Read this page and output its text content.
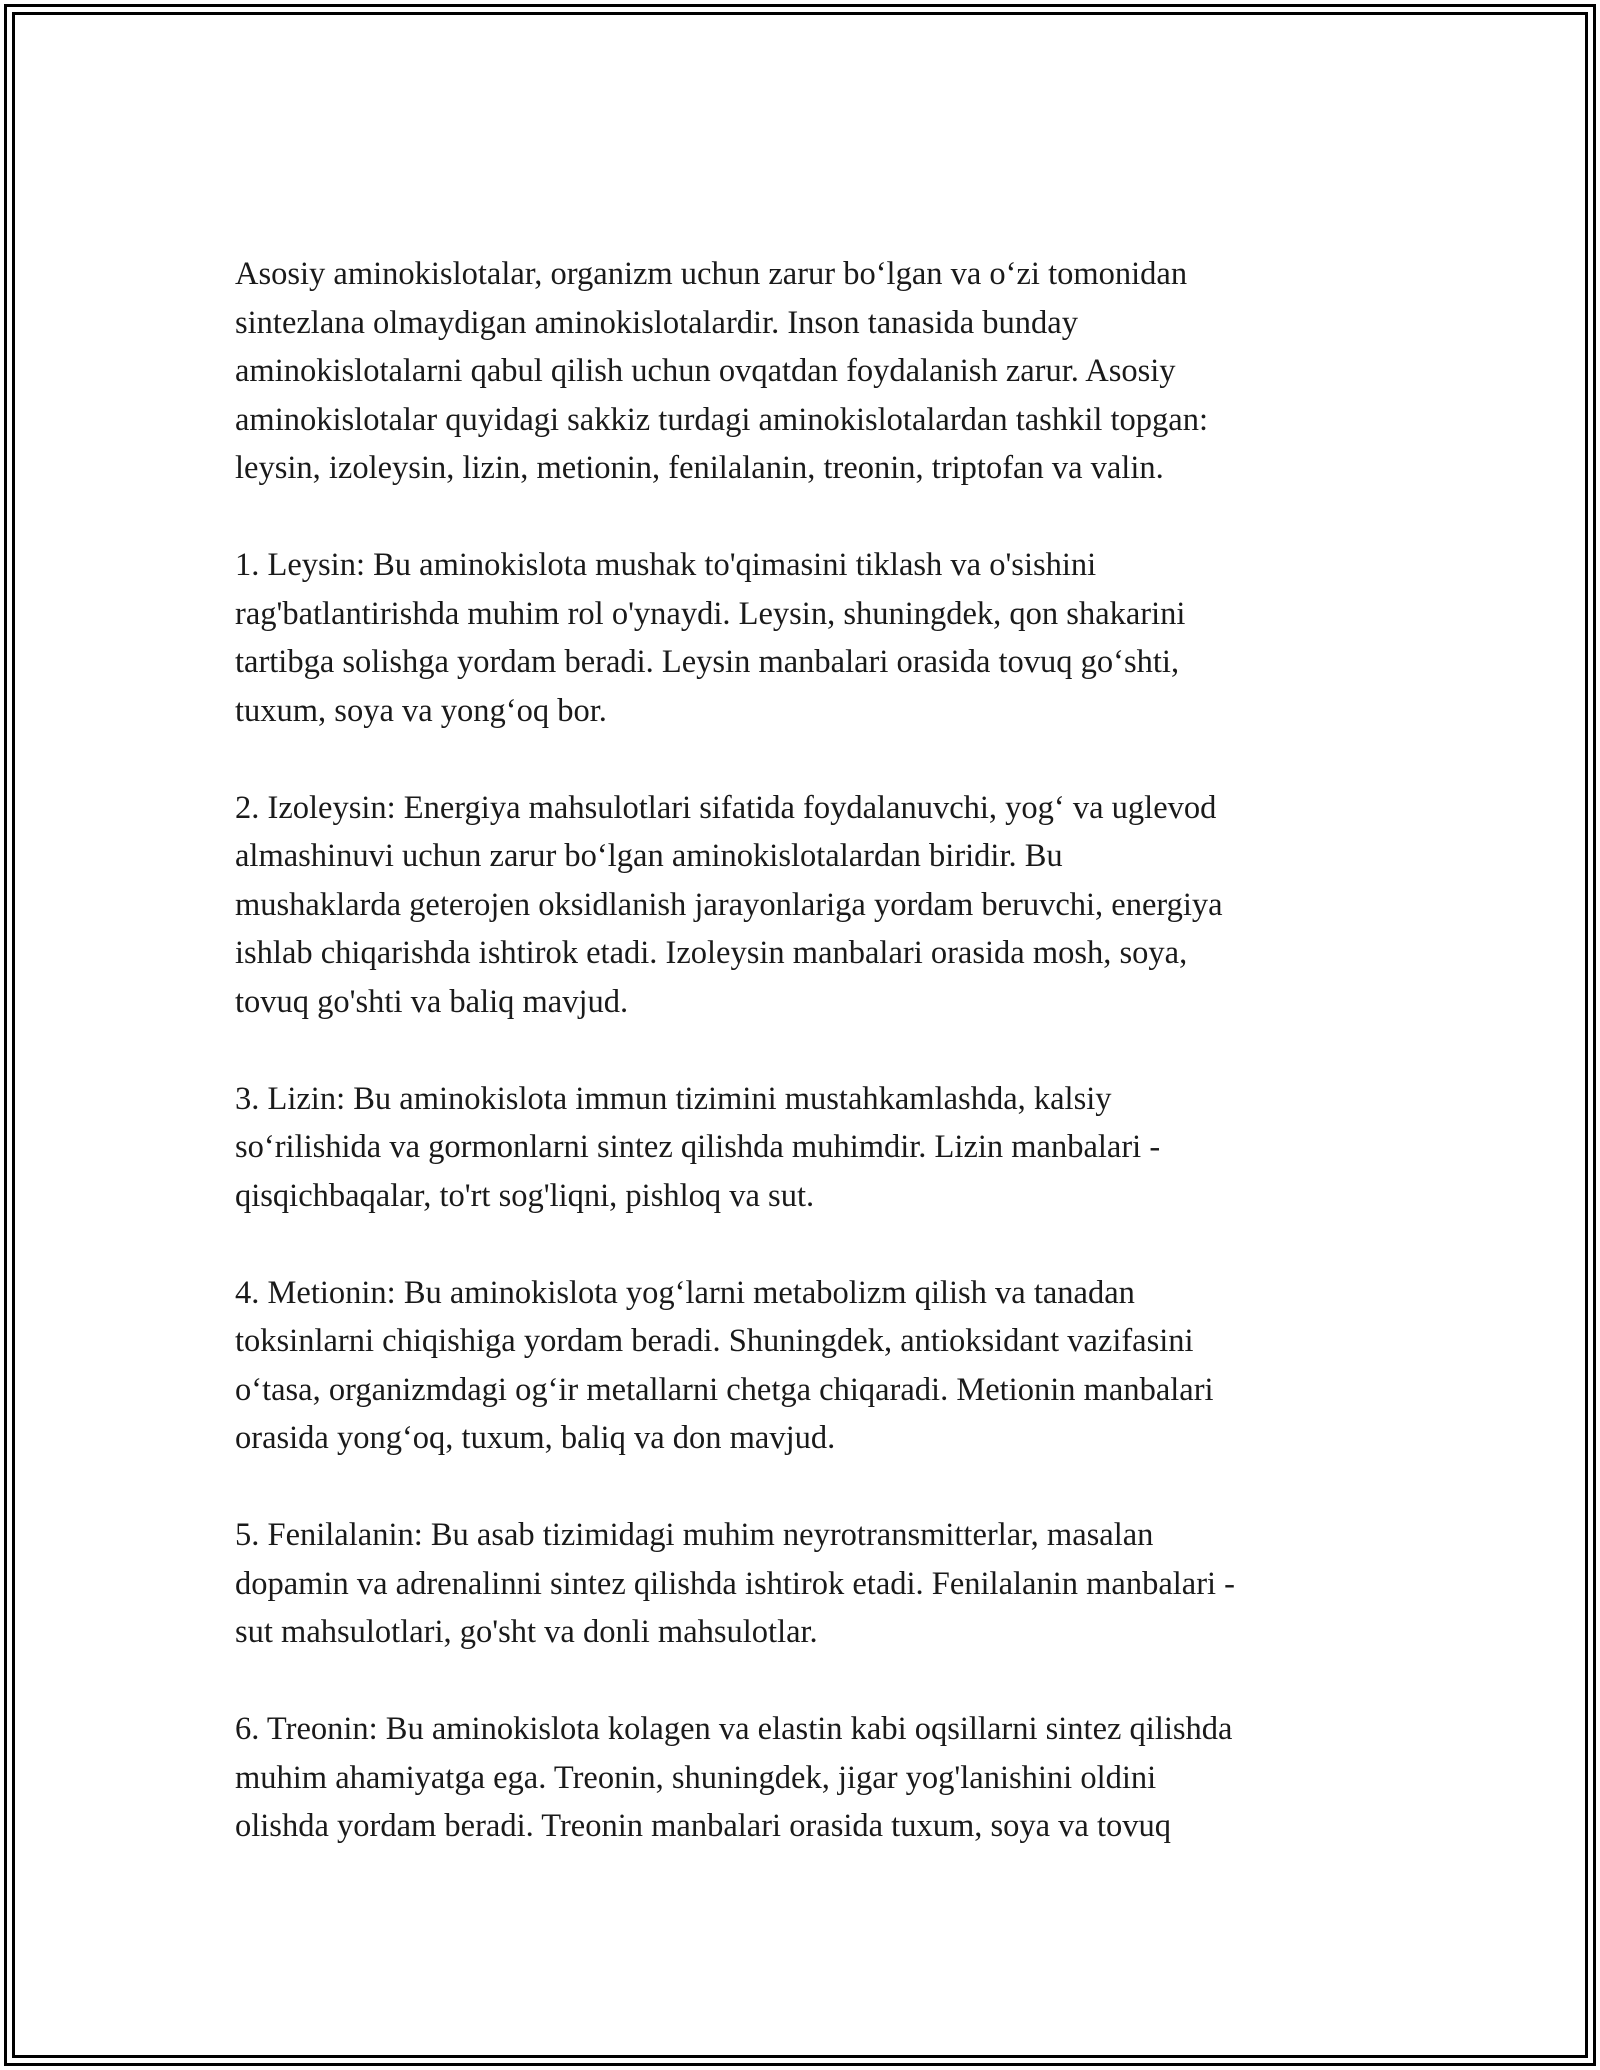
Asosiy aminokislotalar, organizm uchun zarur bo‘lgan va o‘zi tomonidan
sintezlana olmaydigan aminokislotalardir. Inson tanasida bunday
aminokislotalarni qabul qilish uchun ovqatdan foydalanish zarur. Asosiy
aminokislotalar quyidagi sakkiz turdagi aminokislotalardan tashkil topgan:
leysin, izoleysin, lizin, metionin, fenilalanin, treonin, triptofan va valin.

1. Leysin: Bu aminokislota mushak to'qimasini tiklash va o'sishini
rag'batlantirishda muhim rol o'ynaydi. Leysin, shuningdek, qon shakarini
tartibga solishga yordam beradi. Leysin manbalari orasida tovuq go‘shti,
tuxum, soya va yong‘oq bor.

2. Izoleysin: Energiya mahsulotlari sifatida foydalanuvchi, yog‘ va uglevod
almashinuvi uchun zarur bo‘lgan aminokislotalardan biridir. Bu
mushaklarda geterojen oksidlanish jarayonlariga yordam beruvchi, energiya
ishlab chiqarishda ishtirok etadi. Izoleysin manbalari orasida mosh, soya,
tovuq go'shti va baliq mavjud.

3. Lizin: Bu aminokislota immun tizimini mustahkamlashda, kalsiy
so‘rilishida va gormonlarni sintez qilishda muhimdir. Lizin manbalari -
qisqichbaqalar, to'rt sog'liqni, pishloq va sut.

4. Metionin: Bu aminokislota yog‘larni metabolizm qilish va tanadan
toksinlarni chiqishiga yordam beradi. Shuningdek, antioksidant vazifasini
o‘tasa, organizmdagi og‘ir metallarni chetga chiqaradi. Metionin manbalari
orasida yong‘oq, tuxum, baliq va don mavjud.

5. Fenilalanin: Bu asab tizimidagi muhim neyrotransmitterlar, masalan
dopamin va adrenalinni sintez qilishda ishtirok etadi. Fenilalanin manbalari -
sut mahsulotlari, go'sht va donli mahsulotlar.

6. Treonin: Bu aminokislota kolagen va elastin kabi oqsillarni sintez qilishda
muhim ahamiyatga ega. Treonin, shuningdek, jigar yog'lanishini oldini
olishda yordam beradi. Treonin manbalari orasida tuxum, soya va tovuq
